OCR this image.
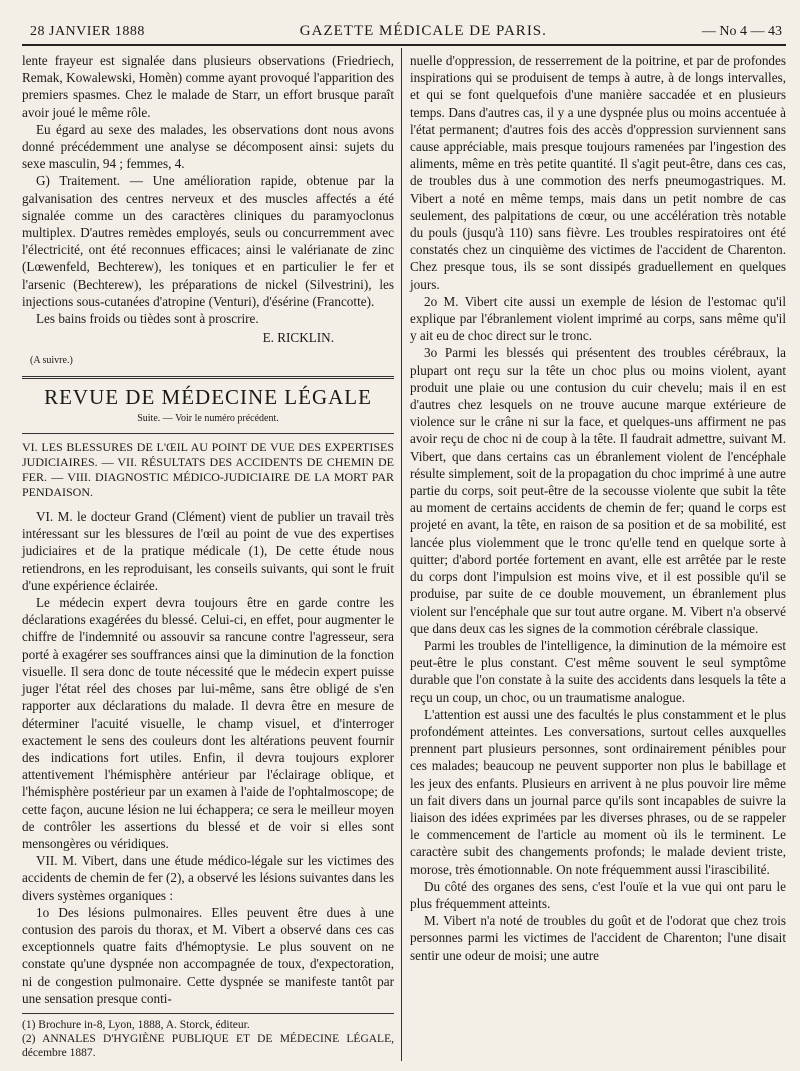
28 JANVIER 1888	GAZETTE MÉDICALE DE PARIS.	— No 4 — 43

lente frayeur est signalée dans plusieurs observations (Friedriech, Remak, Kowalewski, Homèn) comme ayant provoqué l'apparition des premiers spasmes. Chez le malade de Starr, un effort brusque paraît avoir joué le même rôle.

Eu égard au sexe des malades, les observations dont nous avons donné précédemment une analyse se décomposent ainsi: sujets du sexe masculin, 94 ; femmes, 4.

G) Traitement. — Une amélioration rapide, obtenue par la galvanisation des centres nerveux et des muscles affectés a été signalée comme un des caractères cliniques du paramyoclonus multiplex. D'autres remèdes employés, seuls ou concurremment avec l'électricité, ont été reconnues efficaces; ainsi le valérianate de zinc (Lœwenfeld, Bechterew), les toniques et en particulier le fer et l'arsenic (Bechterew), les préparations de nickel (Silvestrini), les injections sous-cutanées d'atropine (Venturi), d'ésérine (Francotte).

Les bains froids ou tièdes sont à proscrire.

E. RICKLIN.
(A suivre.)
REVUE DE MÉDECINE LÉGALE
Suite. — Voir le numéro précédent.
VI. LES BLESSURES DE L'ŒIL AU POINT DE VUE DES EXPERTISES JUDICIAIRES. — VII. RÉSULTATS DES ACCIDENTS DE CHEMIN DE FER. — VIII. DIAGNOSTIC MÉDICO-JUDICIAIRE DE LA MORT PAR PENDAISON.

VI. M. le docteur Grand (Clément) vient de publier un travail très intéressant sur les blessures de l'œil au point de vue des expertises judiciaires et de la pratique médicale (1), De cette étude nous retiendrons, en les reproduisant, les conseils suivants, qui sont le fruit d'une expérience éclairée.

Le médecin expert devra toujours être en garde contre les déclarations exagérées du blessé. Celui-ci, en effet, pour augmenter le chiffre de l'indemnité ou assouvir sa rancune contre l'agresseur, sera porté à exagérer ses souffrances ainsi que la diminution de la fonction visuelle. Il sera donc de toute nécessité que le médecin expert puisse juger l'état réel des choses par lui-même, sans être obligé de s'en rapporter aux déclarations du malade. Il devra être en mesure de déterminer l'acuité visuelle, le champ visuel, et d'interroger exactement le sens des couleurs dont les altérations peuvent fournir des indications fort utiles. Enfin, il devra toujours explorer attentivement l'hémisphère antérieur par l'éclairage oblique, et l'hémisphère postérieur par un examen à l'aide de l'ophtalmoscope; de cette façon, aucune lésion ne lui échappera; ce sera le meilleur moyen de contrôler les assertions du blessé et de voir si elles sont mensongères ou véridiques.

VII. M. Vibert, dans une étude médico-légale sur les victimes des accidents de chemin de fer (2), a observé les lésions suivantes dans les divers systèmes organiques :

1o Des lésions pulmonaires. Elles peuvent être dues à une contusion des parois du thorax, et M. Vibert a observé dans ces cas exceptionnels quatre faits d'hémoptysie. Le plus souvent on ne constate qu'une dyspnée non accompagnée de toux, d'expectoration, ni de congestion pulmonaire. Cette dyspnée se manifeste tantôt par une sensation presque conti-

(1) Brochure in-8, Lyon, 1888, A. Storck, éditeur.

(2) ANNALES D'HYGIÈNE PUBLIQUE ET DE MÉDECINE LÉGALE, décembre 1887.

nuelle d'oppression, de resserrement de la poitrine, et par de profondes inspirations qui se produisent de temps à autre, à de longs intervalles, et qui se font quelquefois d'une manière saccadée et en plusieurs temps. Dans d'autres cas, il y a une dyspnée plus ou moins accentuée à l'état permanent; d'autres fois des accès d'oppression surviennent sans cause appréciable, mais presque toujours ramenées par l'ingestion des aliments, même en très petite quantité. Il s'agit peut-être, dans ces cas, de troubles dus à une commotion des nerfs pneumogastriques. M. Vibert a noté en même temps, mais dans un petit nombre de cas seulement, des palpitations de cœur, ou une accélération très notable du pouls (jusqu'à 110) sans fièvre. Les troubles respiratoires ont été constatés chez un cinquième des victimes de l'accident de Charenton. Chez presque tous, ils se sont dissipés graduellement en quelques jours.

2o M. Vibert cite aussi un exemple de lésion de l'estomac qu'il explique par l'ébranlement violent imprimé au corps, sans même qu'il y ait eu de choc direct sur le tronc.

3o Parmi les blessés qui présentent des troubles cérébraux, la plupart ont reçu sur la tête un choc plus ou moins violent, ayant produit une plaie ou une contusion du cuir chevelu; mais il en est d'autres chez lesquels on ne trouve aucune marque extérieure de violence sur le crâne ni sur la face, et quelques-uns affirment ne pas avoir reçu de choc ni de coup à la tête. Il faudrait admettre, suivant M. Vibert, que dans certains cas un ébranlement violent de l'encéphale résulte simplement, soit de la propagation du choc imprimé à une autre partie du corps, soit peut-être de la secousse violente que subit la tête au moment de certains accidents de chemin de fer; quand le corps est projeté en avant, la tête, en raison de sa position et de sa mobilité, est lancée plus violemment que le tronc qu'elle tend en quelque sorte à quitter; d'abord portée fortement en avant, elle est arrêtée par le reste du corps dont l'impulsion est moins vive, et il est possible qu'il se produise, par suite de ce double mouvement, un ébranlement plus violent sur l'encéphale que sur tout autre organe. M. Vibert n'a observé que dans deux cas les signes de la commotion cérébrale classique.

Parmi les troubles de l'intelligence, la diminution de la mémoire est peut-être le plus constant. C'est même souvent le seul symptôme durable que l'on constate à la suite des accidents dans lesquels la tête a reçu un coup, un choc, ou un traumatisme analogue.

L'attention est aussi une des facultés le plus constamment et le plus profondément atteintes. Les conversations, surtout celles auxquelles prennent part plusieurs personnes, sont ordinairement pénibles pour ces malades; beaucoup ne peuvent supporter non plus le babillage et les jeux des enfants. Plusieurs en arrivent à ne plus pouvoir lire même un fait divers dans un journal parce qu'ils sont incapables de suivre la liaison des idées exprimées par les diverses phrases, ou de se rappeler le commencement de l'article au moment où ils le terminent. Le caractère subit des changements profonds; le malade devient triste, morose, très émotionnable. On note fréquemment aussi l'irascibilité.

Du côté des organes des sens, c'est l'ouïe et la vue qui ont paru le plus fréquemment atteints.

M. Vibert n'a noté de troubles du goût et de l'odorat que chez trois personnes parmi les victimes de l'accident de Charenton; l'une disait sentir une odeur de moisi; une autre
